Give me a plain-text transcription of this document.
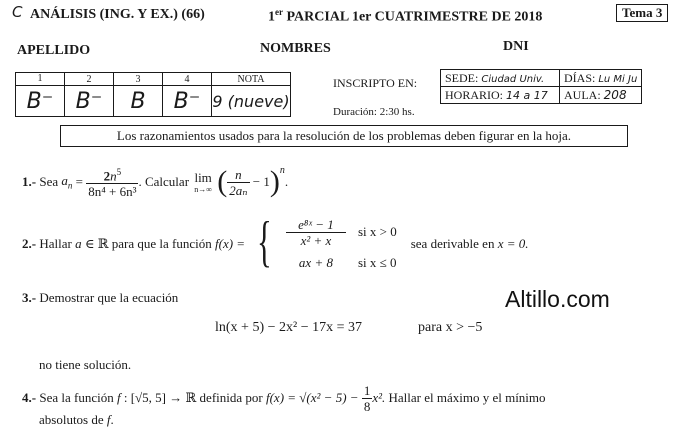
C ANÁLISIS (ING. Y EX.) (66)	1er PARCIAL 1er CUATRIMESTRE DE 2018	Tema 3
APELLIDO	NOMBRES	DNI
1	2	3	4	NOTA
B⁻	B⁻	B	B⁻	9 (nueve)
INSCRIPTO EN: SEDE: Ciudad Univ.	DÍAS: Lu Mi Ju
HORARIO: 14 a 17	AULA: 208
Duración: 2:30 hs.
Los razonamientos usados para la resolución de los problemas deben figurar en la hoja.
1.-
Sea
$a_n = \frac{2n^5}{\text{8n⁴ + 6n³}}$ . Calcular
lim
n→∞
( $\frac{n}{\text{2aₙ}}$
− 1 )$^n$
.
2.-
Hallar
a
∈ ℝ para que la función
f(x) = { $\frac{\text{e⁸ˣ − 1}}{\text{x² + x}}$ si x > 0
ax + 8	si x ≤ 0
sea derivable en
x = 0.
3.- Demostrar que la ecuación
ln(x + 5) − 2x² − 17x = 37	para x > −5
no tiene solución.
Altillo.com
4.-
Sea la función
f
: [√5, 5] → ℝ definida por
f(x) = √(x² − 5) −
$\frac{1}{8} x^2$.
Hallar el máximo y el mínimo
absolutos de f.
